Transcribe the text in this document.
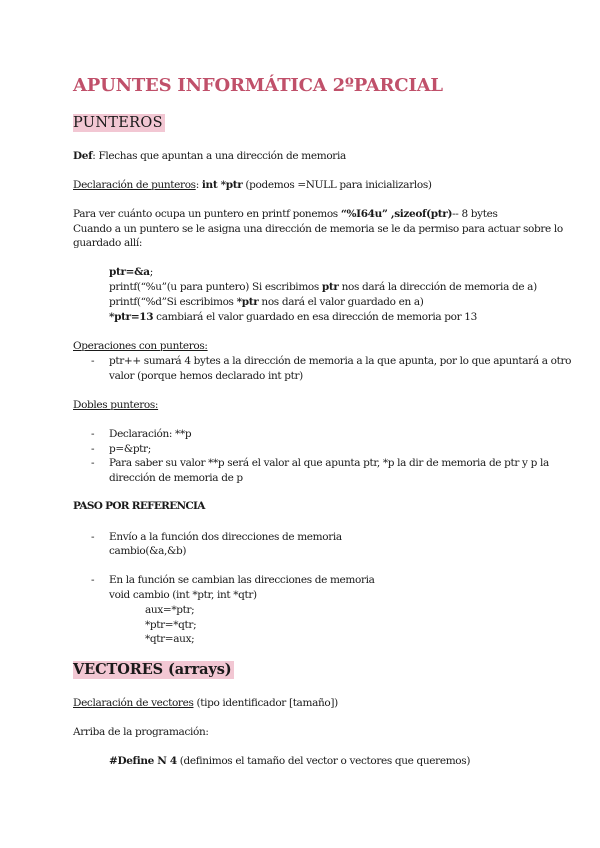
APUNTES INFORMÁTICA 2ºPARCIAL
PUNTEROS
Def: Flechas que apuntan a una dirección de memoria
Declaración de punteros: int *ptr (podemos =NULL para inicializarlos)
Para ver cuánto ocupa un puntero en printf ponemos “%I64u” ,sizeof(ptr)-- 8 bytes
Cuando a un puntero se le asigna una dirección de memoria se le da permiso para actuar sobre lo
guardado allí:
ptr=&a;
printf(“%u”(u para puntero) Si escribimos ptr nos dará la dirección de memoria de a)
printf(“%d”Si escribimos *ptr nos dará el valor guardado en a)
*ptr=13 cambiará el valor guardado en esa dirección de memoria por 13
Operaciones con punteros:
- ptr++ sumará 4 bytes a la dirección de memoria a la que apunta, por lo que apuntará a otro
valor (porque hemos declarado int ptr)
Dobles punteros:
- Declaración: **p
- p=&ptr;
- Para saber su valor **p será el valor al que apunta ptr, *p la dir de memoria de ptr y p la
dirección de memoria de p
PASO POR REFERENCIA
- Envío a la función dos direcciones de memoria
cambio(&a,&b)
- En la función se cambian las direcciones de memoria
void cambio (int *ptr, int *qtr)
aux=*ptr;
*ptr=*qtr;
*qtr=aux;
VECTORES (arrays)
Declaración de vectores (tipo identificador [tamaño])
Arriba de la programación:
#Define N 4 (definimos el tamaño del vector o vectores que queremos)
